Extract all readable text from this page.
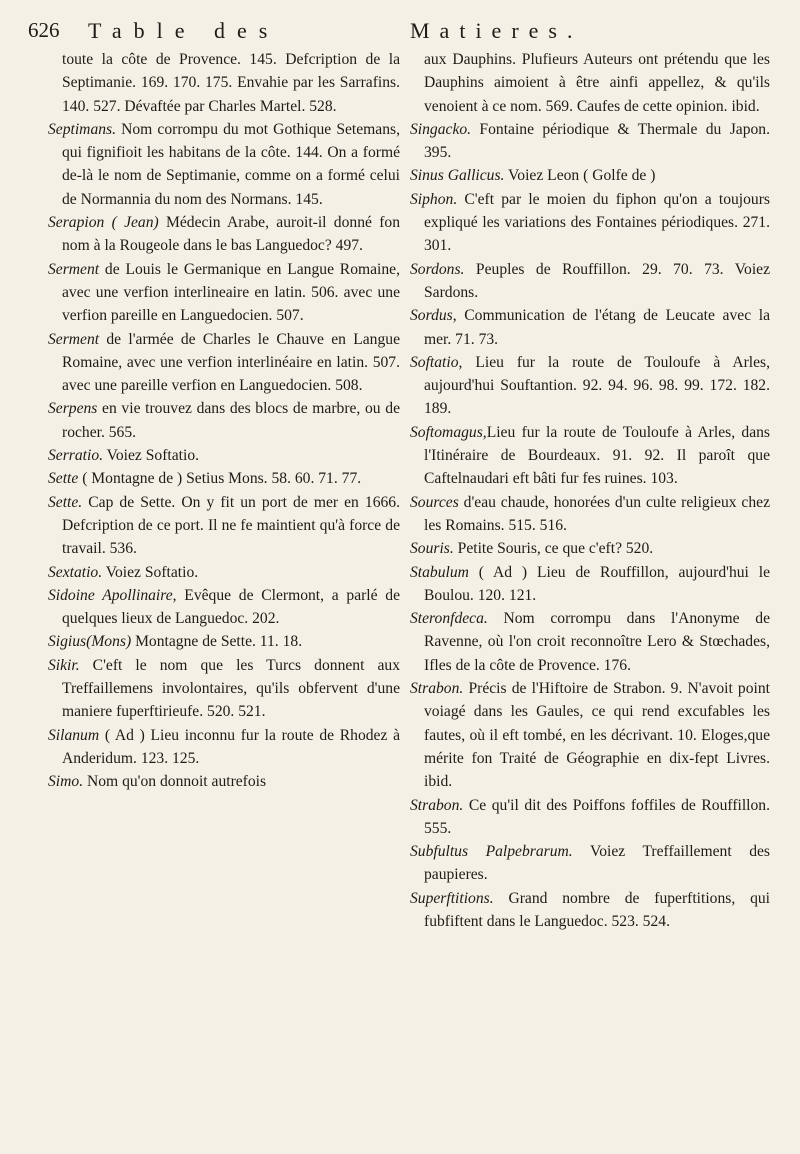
626 Table des	Matieres.

toute la côte de Provence. 145. Defcription de la Septimanie. 169. 170. 175. Envahie par les Sarrafins. 140. 527. Dévaftée par Charles Martel. 528.

Septimans. Nom corrompu du mot Gothique Setemans, qui fignifioit les habitans de la côte. 144. On a formé de-là le nom de Septimanie, comme on a formé celui de Normannia du nom des Normans. 145.

Serapion ( Jean) Médecin Arabe, auroit-il donné fon nom à la Rougeole dans le bas Languedoc? 497.

Serment de Louis le Germanique en Langue Romaine, avec une verfion interlineaire en latin. 506. avec une verfion pareille en Languedocien. 507.

Serment de l'armée de Charles le Chauve en Langue Romaine, avec une verfion interlinéaire en latin. 507. avec une pareille verfion en Languedocien. 508.

Serpens en vie trouvez dans des blocs de marbre, ou de rocher. 565.

Serratio. Voiez Softatio.

Sette ( Montagne de ) Setius Mons. 58. 60. 71. 77.

Sette. Cap de Sette. On y fit un port de mer en 1666. Defcription de ce port. Il ne fe maintient qu'à force de travail. 536.

Sextatio. Voiez Softatio.

Sidoine Apollinaire, Evêque de Clermont, a parlé de quelques lieux de Languedoc. 202.

Sigius(Mons) Montagne de Sette. 11. 18.

Sikir. C'eft le nom que les Turcs donnent aux Treffaillemens involontaires, qu'ils obfervent d'une maniere fuperftirieufe. 520. 521.

Silanum ( Ad ) Lieu inconnu fur la route de Rhodez à Anderidum. 123. 125.

Simo. Nom qu'on donnoit autrefois

aux Dauphins. Plufieurs Auteurs ont prétendu que les Dauphins aimoient à être ainfi appellez, & qu'ils venoient à ce nom. 569. Caufes de cette opinion. ibid.

Singacko. Fontaine périodique & Thermale du Japon. 395.

Sinus Gallicus. Voiez Leon ( Golfe de )

Siphon. C'eft par le moien du fiphon qu'on a toujours expliqué les variations des Fontaines périodiques. 271. 301.

Sordons. Peuples de Rouffillon. 29. 70. 73. Voiez Sardons.

Sordus, Communication de l'étang de Leucate avec la mer. 71. 73.

Softatio, Lieu fur la route de Touloufe à Arles, aujourd'hui Souftantion. 92. 94. 96. 98. 99. 172. 182. 189.

Softomagus,Lieu fur la route de Touloufe à Arles, dans l'Itinéraire de Bourdeaux. 91. 92. Il paroît que Caftelnaudari eft bâti fur fes ruines. 103.

Sources d'eau chaude, honorées d'un culte religieux chez les Romains. 515. 516.

Souris. Petite Souris, ce que c'eft? 520.

Stabulum ( Ad ) Lieu de Rouffillon, aujourd'hui le Boulou. 120. 121.

Steronfdeca. Nom corrompu dans l'Anonyme de Ravenne, où l'on croit reconnoître Lero & Stœchades, Ifles de la côte de Provence. 176.

Strabon. Précis de l'Hiftoire de Strabon. 9. N'avoit point voiagé dans les Gaules, ce qui rend excufables les fautes, où il eft tombé, en les décrivant. 10. Eloges,que mérite fon Traité de Géographie en dix-fept Livres. ibid.

Strabon. Ce qu'il dit des Poiffons foffiles de Rouffillon. 555.

Subfultus Palpebrarum. Voiez Treffaillement des paupieres.

Superftitions. Grand nombre de fuperftitions, qui fubfiftent dans le Languedoc. 523. 524.
